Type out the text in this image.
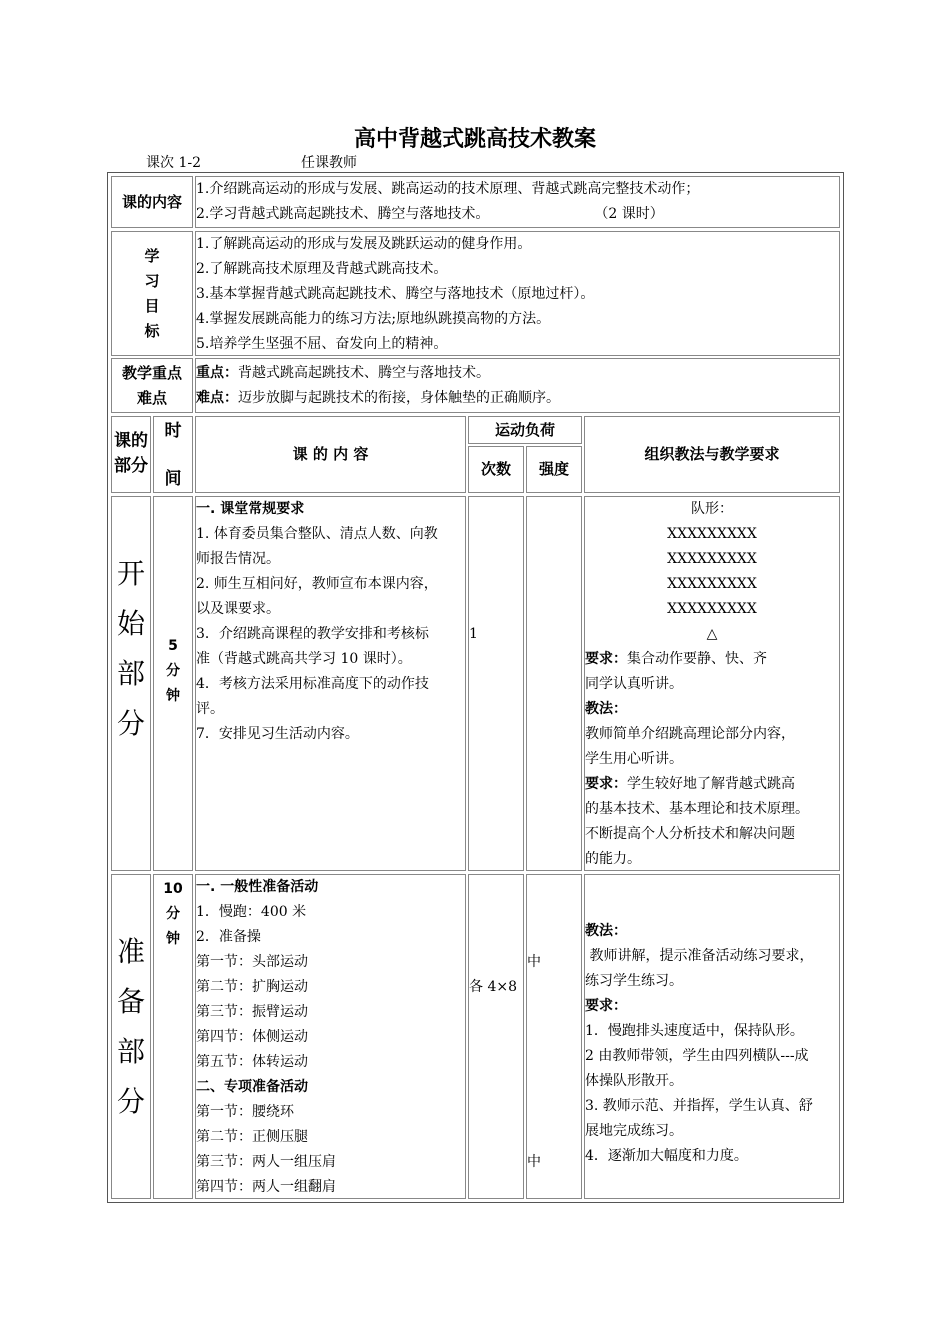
高中背越式跳高技术教案
课次 1-2	任课教师
课的内容
1.介绍跳高运动的形成与发展、跳高运动的技术原理、背越式跳高完整技术动作；
2.学习背越式跳高起跳技术、腾空与落地技术。	（2 课时）
学
习
目
标
1.了解跳高运动的形成与发展及跳跃运动的健身作用。
2.了解跳高技术原理及背越式跳高技术。
3.基本掌握背越式跳高起跳技术、腾空与落地技术（原地过杆）。
4.掌握发展跳高能力的练习方法;原地纵跳摸高物的方法。
5.培养学生坚强不屈、奋发向上的精神。
教学重点
难点
重点：背越式跳高起跳技术、腾空与落地技术。
难点：迈步放脚与起跳技术的衔接，身体触垫的正确顺序。
课的
部分
时

间
课 的 内 容
运动负荷
次数 强度
组织教法与教学要求
开
始
部
分
5
分
钟
一. 课堂常规要求
1. 体育委员集合整队、清点人数、向教
师报告情况。
2. 师生互相问好，教师宣布本课内容，
以及课要求。
3．介绍跳高课程的教学安排和考核标
准（背越式跳高共学习 10 课时）。
4．考核方法采用标准高度下的动作技
评。
7．安排见习生活动内容。
1
队形：
XXXXXXXXX
XXXXXXXXX
XXXXXXXXX
XXXXXXXXX
△
要求：集合动作要静、快、齐
同学认真听讲。
教法：
教师简单介绍跳高理论部分内容，
学生用心听讲。
要求：学生较好地了解背越式跳高
的基本技术、基本理论和技术原理。
不断提高个人分析技术和解决问题
的能力。
准
备
部
分
10
分
钟
一. 一般性准备活动
1．慢跑：400 米
2．准备操
第一节：头部运动
第二节：扩胸运动
第三节：振臂运动
第四节：体侧运动
第五节：体转运动
二、专项准备活动
第一节：腰绕环
第二节：正侧压腿
第三节：两人一组压肩
第四节：两人一组翻肩
各 4×8
中
中
教法：
教师讲解，提示准备活动练习要求，
练习学生练习。
要求：
1．慢跑排头速度适中，保持队形。
2 由教师带领，学生由四列横队---成
体操队形散开。
3. 教师示范、并指挥，学生认真、舒
展地完成练习。
4．逐渐加大幅度和力度。
